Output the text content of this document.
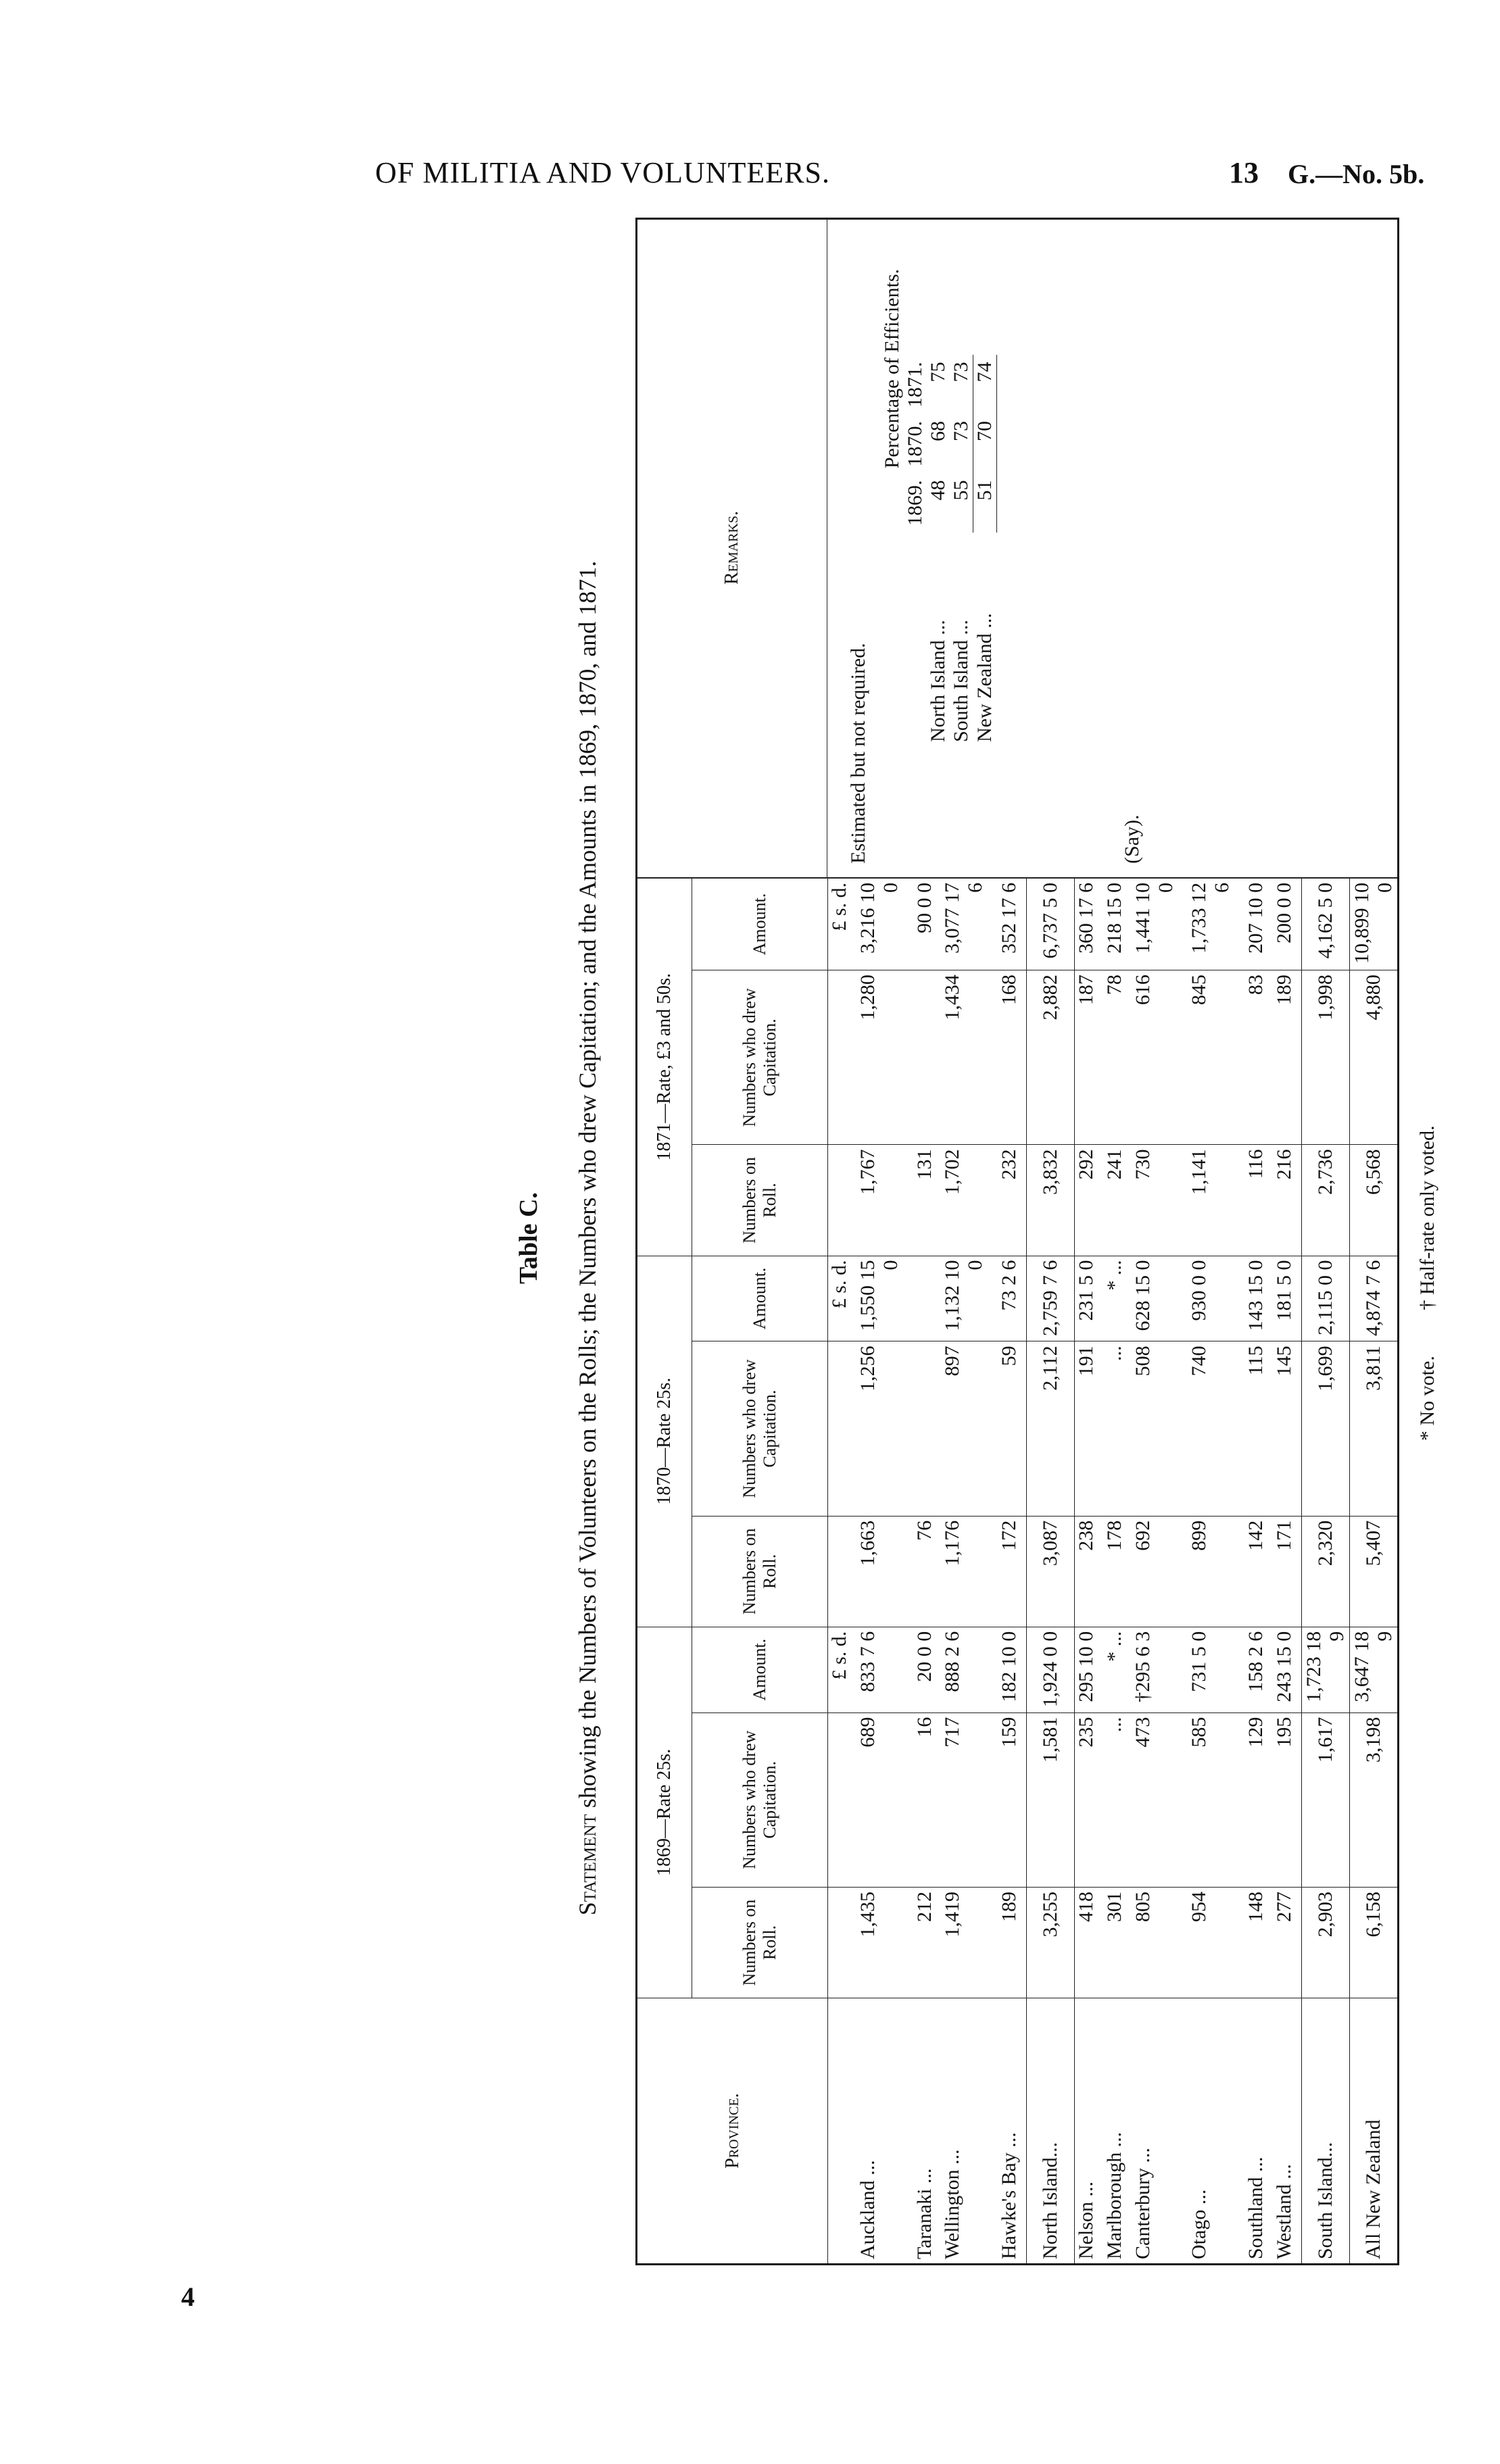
OF MILITIA AND VOLUNTEERS.	13 G.—No. 5b.
4
Table C.
Statement showing the Numbers of Volunteers on the Rolls; the Numbers who drew Capitation; and the Amounts in 1869, 1870, and 1871.
Province.	1869—Rate 25s.			1870—Rate 25s.			1871—Rate, £3 and 50s.		
	Numbers on Roll.	Numbers who drew Capitation.	Amount.	Numbers on Roll.	Numbers who drew Capitation.	Amount.	Numbers on Roll.	Numbers who drew Capitation.	Amount.
			£ s. d.			£ s. d.			£ s. d.
Auckland ...	1,435	689	833 7 6	1,663	1,256	1,550 15 0	1,767	1,280	3,216 10 0
Taranaki ...	212	16	20 0 0	76			131		90 0 0
Wellington ...	1,419	717	888 2 6	1,176	897	1,132 10 0	1,702	1,434	3,077 17 6
Hawke's Bay ...	189	159	182 10 0	172	59	73 2 6	232	168	352 17 6
North Island...	3,255	1,581	1,924 0 0	3,087	2,112	2,759 7 6	3,832	2,882	6,737 5 0
Nelson ...	418	235	295 10 0	238	191	231 5 0	292	187	360 17 6
Marlborough ...	301	...	* ...	178	...	* ...	241	78	218 15 0
Canterbury ...	805	473	†295 6 3	692	508	628 15 0	730	616	1,441 10 0
Otago ...	954	585	731 5 0	899	740	930 0 0	1,141	845	1,733 12 6
Southland ...	148	129	158 2 6	142	115	143 15 0	116	83	207 10 0
Westland ...	277	195	243 15 0	171	145	181 5 0	216	189	200 0 0
South Island...	2,903	1,617	1,723 18 9	2,320	1,699	2,115 0 0	2,736	1,998	4,162 5 0
All New Zealand	6,158	3,198	3,647 18 9	5,407	3,811	4,874 7 6	6,568	4,880	10,899 10 0
Remarks.
Estimated but not required.
Percentage of Efficients.
	1869.	1870.	1871.
North Island ...	48	68	75
South Island ...	55	73	73
New Zealand ...	51	70	74
(Say).
* No vote. † Half-rate only voted.
